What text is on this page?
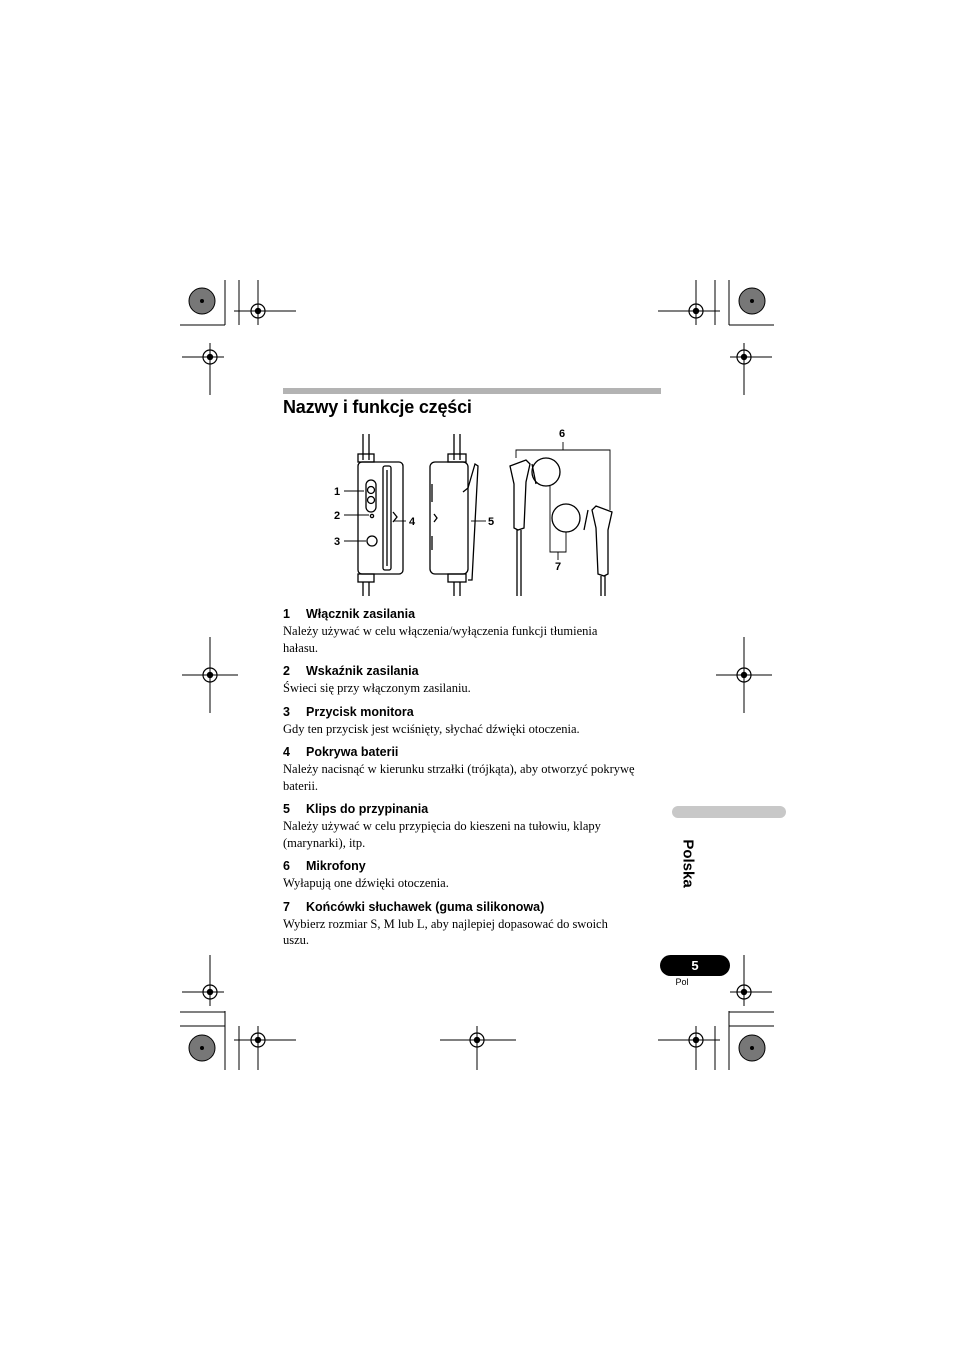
Nazwy i funkcje części
1
2
3
4	5
6
7
1 Włącznik zasilania
Należy używać w celu włączenia/wyłączenia funkcji tłumienia
hałasu.
2 Wskaźnik zasilania
Świeci się przy włączonym zasilaniu.
3 Przycisk monitora
Gdy ten przycisk jest wciśnięty, słychać dźwięki otoczenia.
4 Pokrywa baterii
Należy nacisnąć w kierunku strzałki (trójkąta), aby otworzyć pokrywę
baterii.
5 Klips do przypinania
Należy używać w celu przypięcia do kieszeni na tułowiu, klapy
(marynarki), itp.
6 Mikrofony
Wyłapują one dźwięki otoczenia.
7 Końcówki słuchawek (guma silikonowa)
Wybierz rozmiar S, M lub L, aby najlepiej dopasować do swoich
uszu.
Polska
5
Pol
